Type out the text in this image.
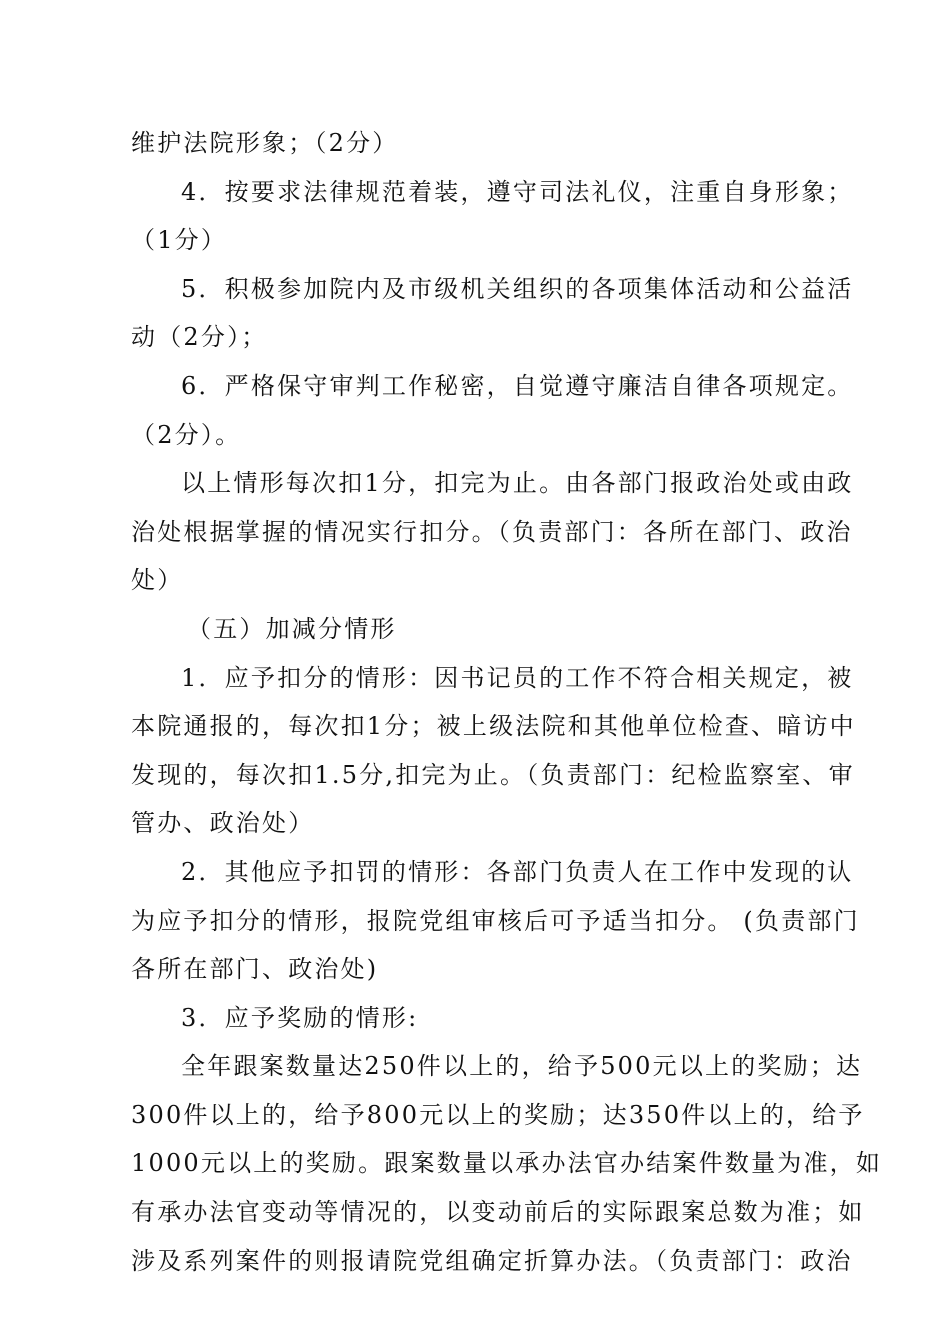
维护法院形象；（2分）
4．按要求法律规范着装，遵守司法礼仪，注重自身形象；
（1分）
5．积极参加院内及市级机关组织的各项集体活动和公益活
动（2分）；
6．严格保守审判工作秘密，自觉遵守廉洁自律各项规定。
（2分）。
以上情形每次扣1分，扣完为止。由各部门报政治处或由政
治处根据掌握的情况实行扣分。（负责部门：各所在部门、政治
处）
（五）加减分情形
1．应予扣分的情形：因书记员的工作不符合相关规定，被
本院通报的，每次扣1分；被上级法院和其他单位检查、暗访中
发现的，每次扣1.5分,扣完为止。（负责部门：纪检监察室、审
管办、政治处）
2．其他应予扣罚的情形：各部门负责人在工作中发现的认
为应予扣分的情形，报院党组审核后可予适当扣分。 (负责部门
各所在部门、政治处)
3．应予奖励的情形:
全年跟案数量达250件以上的，给予500元以上的奖励；达
300件以上的，给予800元以上的奖励；达350件以上的，给予
1000元以上的奖励。跟案数量以承办法官办结案件数量为准，如
有承办法官变动等情况的，以变动前后的实际跟案总数为准；如
涉及系列案件的则报请院党组确定折算办法。（负责部门：政治
